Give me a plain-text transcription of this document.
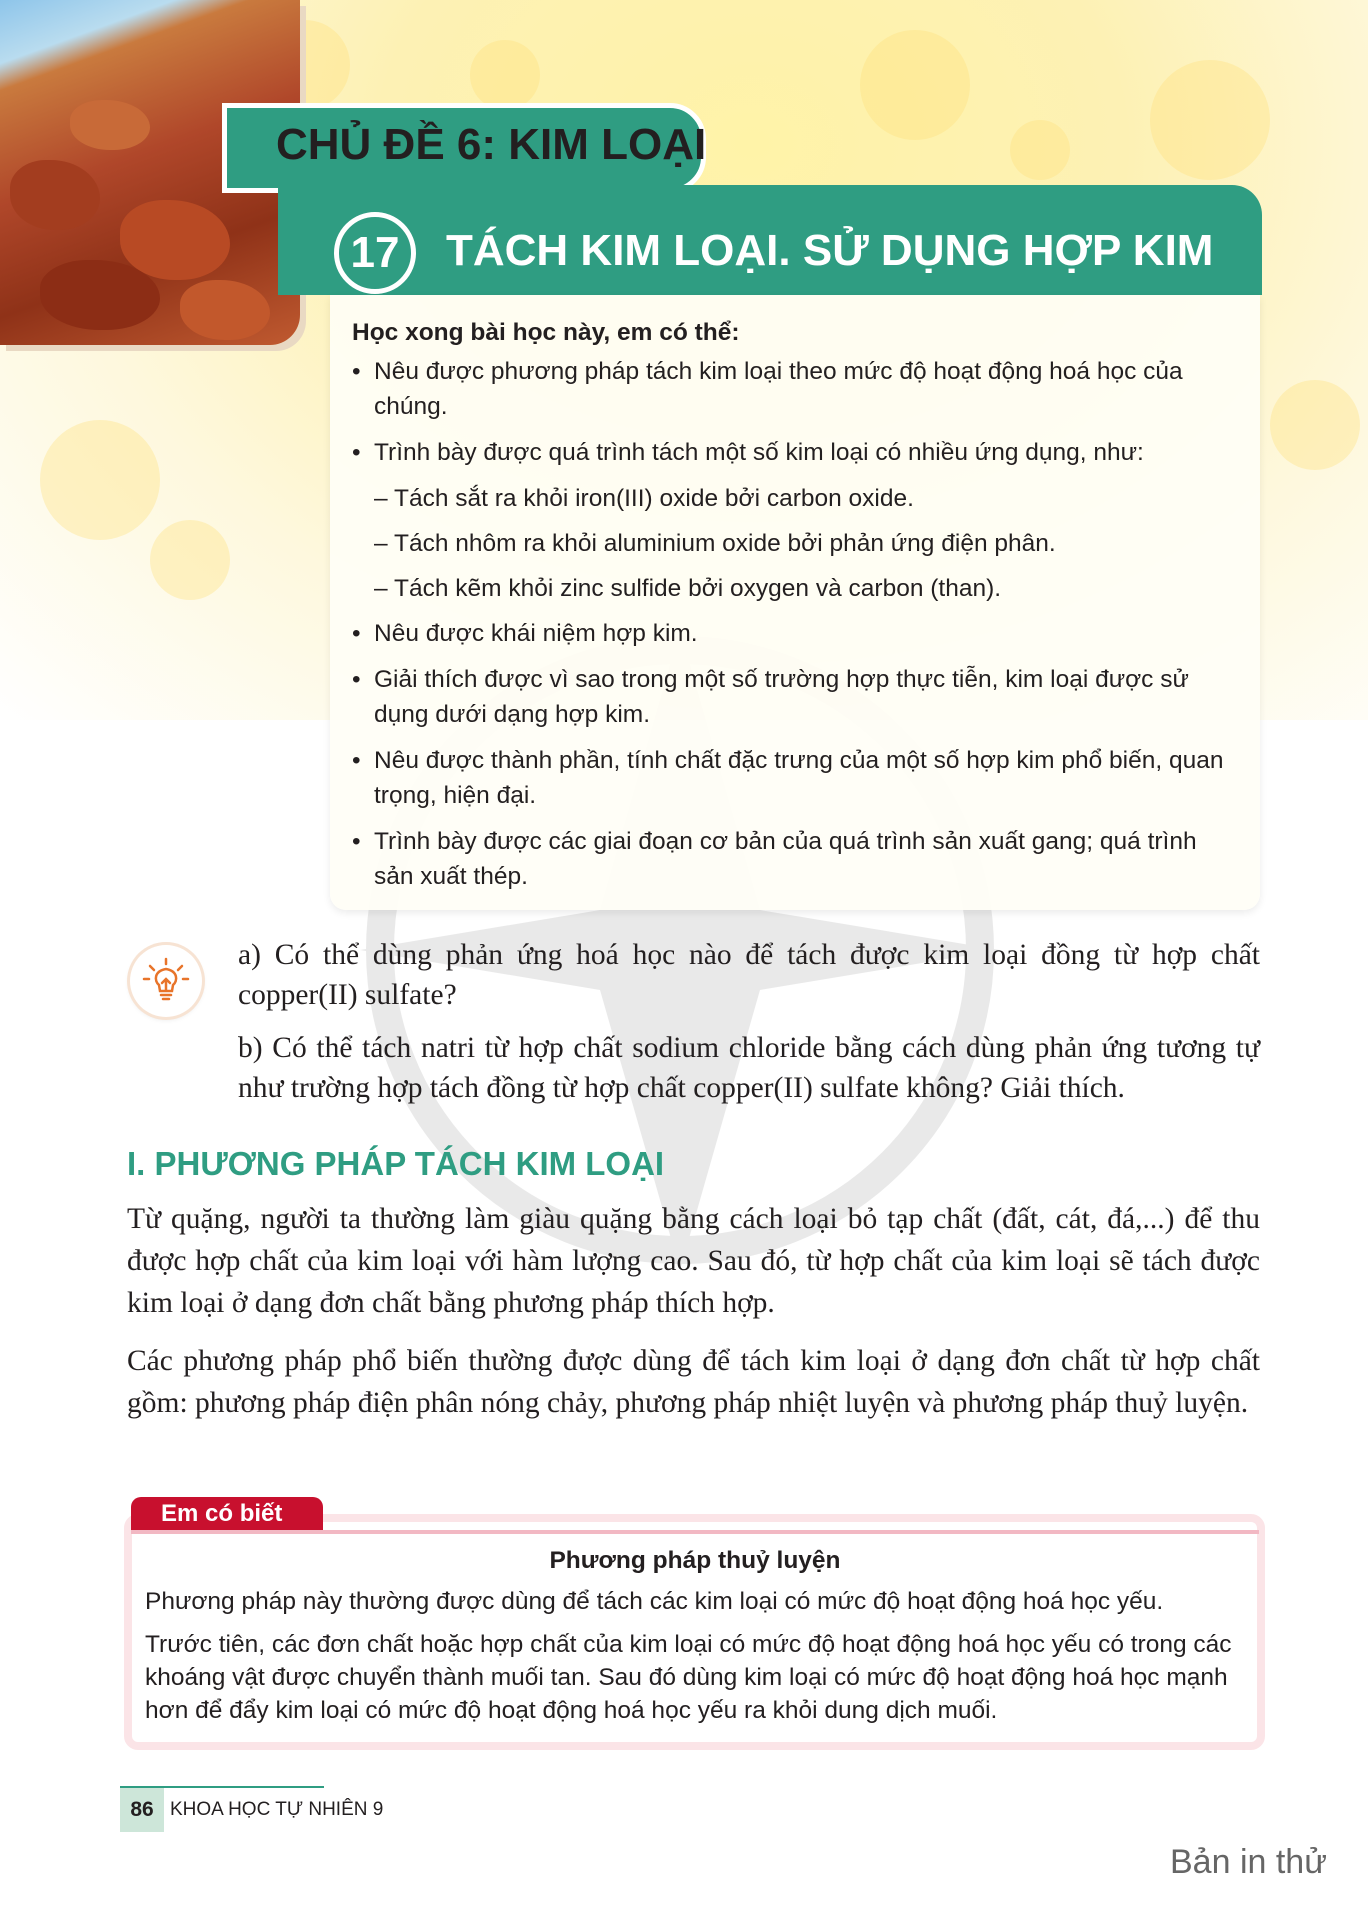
CHỦ ĐỀ 6: KIM LOẠI
17	TÁCH KIM LOẠI. SỬ DỤNG HỢP KIM
Học xong bài học này, em có thể:
• Nêu được phương pháp tách kim loại theo mức độ hoạt động hoá học của chúng.
• Trình bày được quá trình tách một số kim loại có nhiều ứng dụng, như:
– Tách sắt ra khỏi iron(III) oxide bởi carbon oxide.
– Tách nhôm ra khỏi aluminium oxide bởi phản ứng điện phân.
– Tách kẽm khỏi zinc sulfide bởi oxygen và carbon (than).
• Nêu được khái niệm hợp kim.
• Giải thích được vì sao trong một số trường hợp thực tiễn, kim loại được sử dụng dưới dạng hợp kim.
• Nêu được thành phần, tính chất đặc trưng của một số hợp kim phổ biến, quan trọng, hiện đại.
• Trình bày được các giai đoạn cơ bản của quá trình sản xuất gang; quá trình sản xuất thép.
a) Có thể dùng phản ứng hoá học nào để tách được kim loại đồng từ hợp chất copper(II) sulfate?
b) Có thể tách natri từ hợp chất sodium chloride bằng cách dùng phản ứng tương tự như trường hợp tách đồng từ hợp chất copper(II) sulfate không? Giải thích.
I. PHƯƠNG PHÁP TÁCH KIM LOẠI
Từ quặng, người ta thường làm giàu quặng bằng cách loại bỏ tạp chất (đất, cát, đá,...) để thu được hợp chất của kim loại với hàm lượng cao. Sau đó, từ hợp chất của kim loại sẽ tách được kim loại ở dạng đơn chất bằng phương pháp thích hợp.
Các phương pháp phổ biến thường được dùng để tách kim loại ở dạng đơn chất từ hợp chất gồm: phương pháp điện phân nóng chảy, phương pháp nhiệt luyện và phương pháp thuỷ luyện.
Em có biết
Phương pháp thuỷ luyện
Phương pháp này thường được dùng để tách các kim loại có mức độ hoạt động hoá học yếu.
Trước tiên, các đơn chất hoặc hợp chất của kim loại có mức độ hoạt động hoá học yếu có trong các khoáng vật được chuyển thành muối tan. Sau đó dùng kim loại có mức độ hoạt động hoá học mạnh hơn để đẩy kim loại có mức độ hoạt động hoá học yếu ra khỏi dung dịch muối.
86 KHOA HỌC TỰ NHIÊN 9
Bản in thử
